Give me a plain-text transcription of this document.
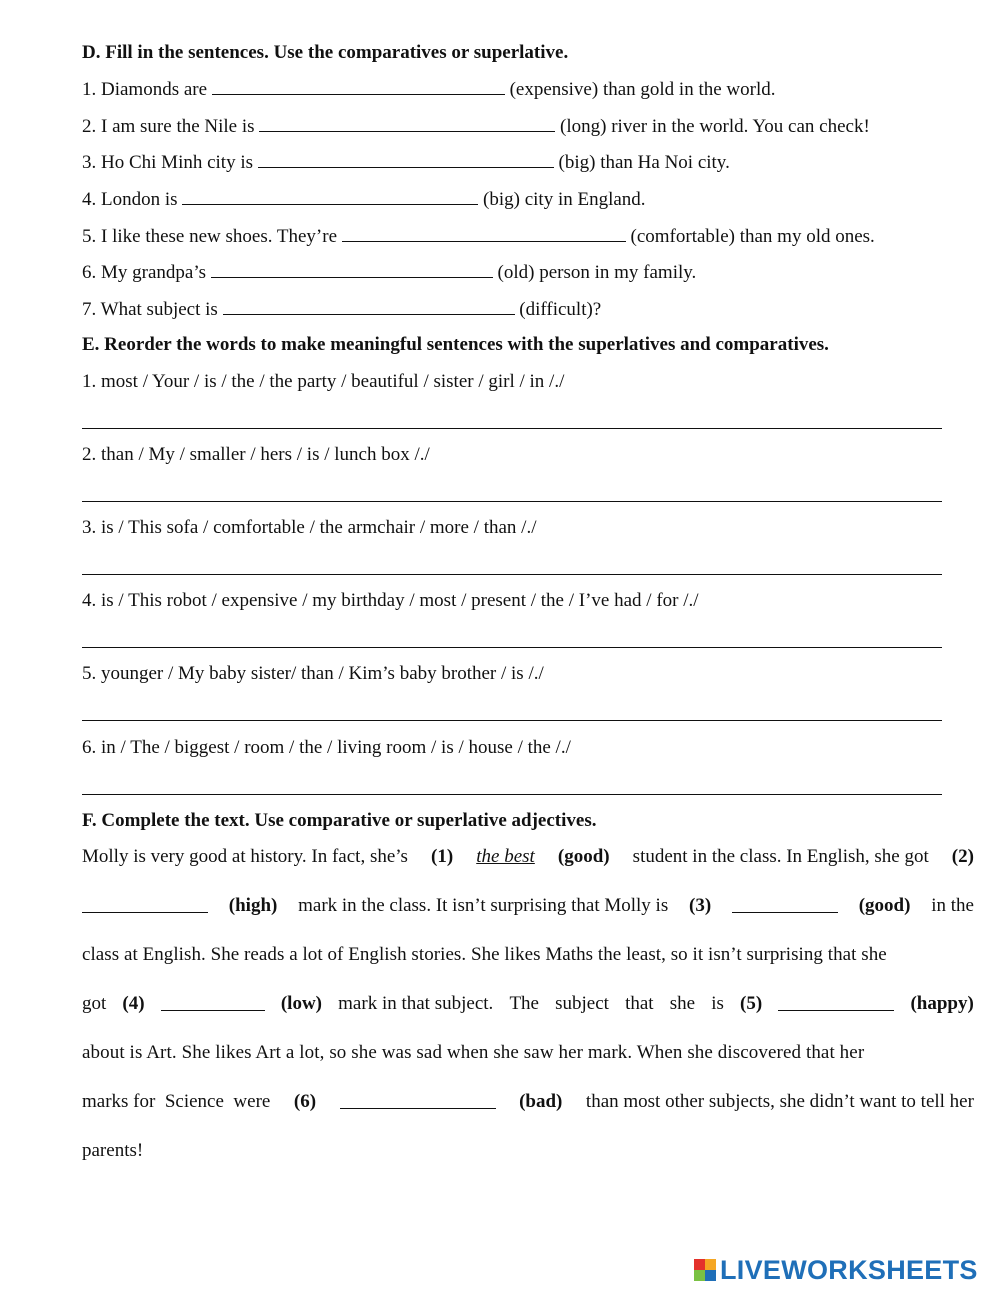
D. Fill in the sentences. Use the comparatives or superlative.
1. Diamonds are	(expensive) than gold in the world.
2. I am sure the Nile is	(long) river in the world. You can check!
3. Ho Chi Minh city is	(big) than Ha Noi city.
4. London is	(big) city in England.
5. I like these new shoes. They’re	(comfortable) than my old ones.
6. My grandpa’s	(old) person in my family.
7. What subject is	(difficult)?
E. Reorder the words to make meaningful sentences with the superlatives and comparatives.
1. most / Your / is / the / the party / beautiful / sister / girl / in /./
2. than / My / smaller / hers / is / lunch box /./
3. is / This sofa / comfortable / the armchair / more / than /./
4. is / This robot / expensive / my birthday / most / present / the / I’ve had / for /./
5. younger / My baby sister/ than / Kim’s baby brother / is /./
6. in / The / biggest / room / the / living room / is / house / the /./
F. Complete the text. Use comparative or superlative adjectives.
Molly is very good at history. In fact, she’s (1) the best (good) student in the class. In English, she got (2)
(high) mark in the class. It isn’t surprising that Molly is (3)	(good) in the
class at English. She reads a lot of English stories. She likes Maths the least, so it isn’t surprising that she
got (4)	(low) mark in that subject. The subject that she is (5)	(happy)
about is Art. She likes Art a lot, so she was sad when she saw her mark. When she discovered that her
marks for  Science  were (6)	(bad) than most other subjects, she didn’t want to tell her
parents!
LIVEWORKSHEETS
